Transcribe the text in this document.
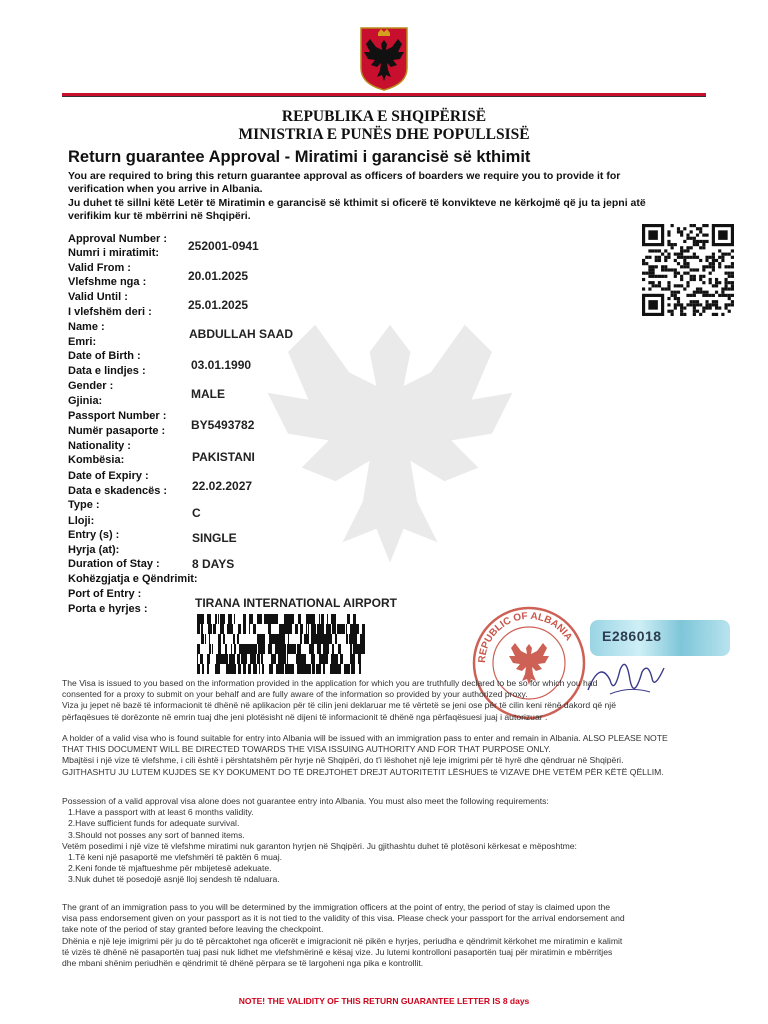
REPUBLIKA E SHQIPËRISË
MINISTRIA E PUNËS DHE POPULLSISË
Return guarantee Approval - Miratimi i garancisë së kthimit
You are required to bring this return guarantee approval as officers of boarders we require you to provide it for
verification when you arrive in Albania.
Ju duhet të sillni këtë Letër të Miratimin e garancisë së kthimit si oficerë të konvikteve ne kërkojmë që ju ta jepni atë
verifikim kur të mbërrini në Shqipëri.
Approval Number :
Numri i miratimit: 252001-0941
Valid From :
Vlefshme nga :	20.01.2025
Valid Until :
I vlefshëm deri :	25.01.2025
Name :
Emri:
ABDULLAH SAAD
Date of Birth :
Data e lindjes :	03.01.1990
Gender :
Gjinia:	MALE
Passport Number :
Numër pasaporte : BY5493782
Nationality :
Kombësia:	PAKISTANI
Date of Expiry :
Data e skadencës : 22.02.2027
Type :
Lloji:
C
Entry (s) :
Hyrja (at):
SINGLE
Duration of Stay :
Kohëzgjatja e Qëndrimit:
8 DAYS
Port of Entry :
Porta e hyrjes :	TIRANA INTERNATIONAL AIRPORT
REPUBLIC OF ALBANIA E286018

The Visa is issued to you based on the information provided in the application for which you are truthfully declared to be so for which you had

consented for a proxy to submit on your behalf and are fully aware of the information so provided by your authorized proxy.

Viza ju jepet në bazë të informacionit të dhënë në aplikacion për të cilin jeni deklaruar me të vërtetë se jeni ose për të cilin keni rënë dakord që një

përfaqësues të dorëzonte në emrin tuaj dhe jeni plotësisht në dijeni të informacionit të dhënë nga përfaqësuesi juaj i autorizuar .

A holder of a valid visa who is found suitable for entry into Albania will be issued with an immigration pass to enter and remain in Albania. ALSO PLEASE NOTE

THAT THIS DOCUMENT WILL BE DIRECTED TOWARDS THE VISA ISSUING AUTHORITY AND FOR THAT PURPOSE ONLY.

Mbajtësi i një vize të vlefshme, i cili është i përshtatshëm për hyrje në Shqipëri, do t'i lëshohet një leje imigrimi për të hyrë dhe qëndruar në Shqipëri.

GJITHASHTU JU LUTEM KUJDES SE KY DOKUMENT DO TË DREJTOHET DREJT AUTORITETIT LËSHUES të VIZAVE DHE VETËM PËR KËTË QËLLIM.

Possession of a valid approval visa alone does not guarantee entry into Albania. You must also meet the following requirements:

1.Have a passport with at least 6 months validity.

2.Have sufficient funds for adequate survival.

3.Should not posses any sort of banned items.

Vetëm posedimi i një vize të vlefshme miratimi nuk garanton hyrjen në Shqipëri. Ju gjithashtu duhet të plotësoni kërkesat e mëposhtme:

1.Të keni një pasaportë me vlefshmëri të paktën 6 muaj.

2.Keni fonde të mjaftueshme për mbijetesë adekuate.

3.Nuk duhet të posedojë asnjë lloj sendesh të ndaluara.

The grant of an immigration pass to you will be determined by the immigration officers at the point of entry, the period of stay is claimed upon the

visa pass endorsement given on your passport as it is not tied to the validity of this visa. Please check your passport for the arrival endorsement and

take note of the period of stay granted before leaving the checkpoint.

Dhënia e një leje imigrimi për ju do të përcaktohet nga oficerët e imigracionit në pikën e hyrjes, periudha e qëndrimit kërkohet me miratimin e kalimit

të vizës të dhënë në pasaportën tuaj pasi nuk lidhet me vlefshmërinë e kësaj vize. Ju lutemi kontrolloni pasaportën tuaj për miratimin e mbërritjes

dhe mbani shënim periudhën e qëndrimit të dhënë përpara se të largoheni nga pika e kontrollit.

NOTE! THE VALIDITY OF THIS RETURN GUARANTEE LETTER IS 8 days
